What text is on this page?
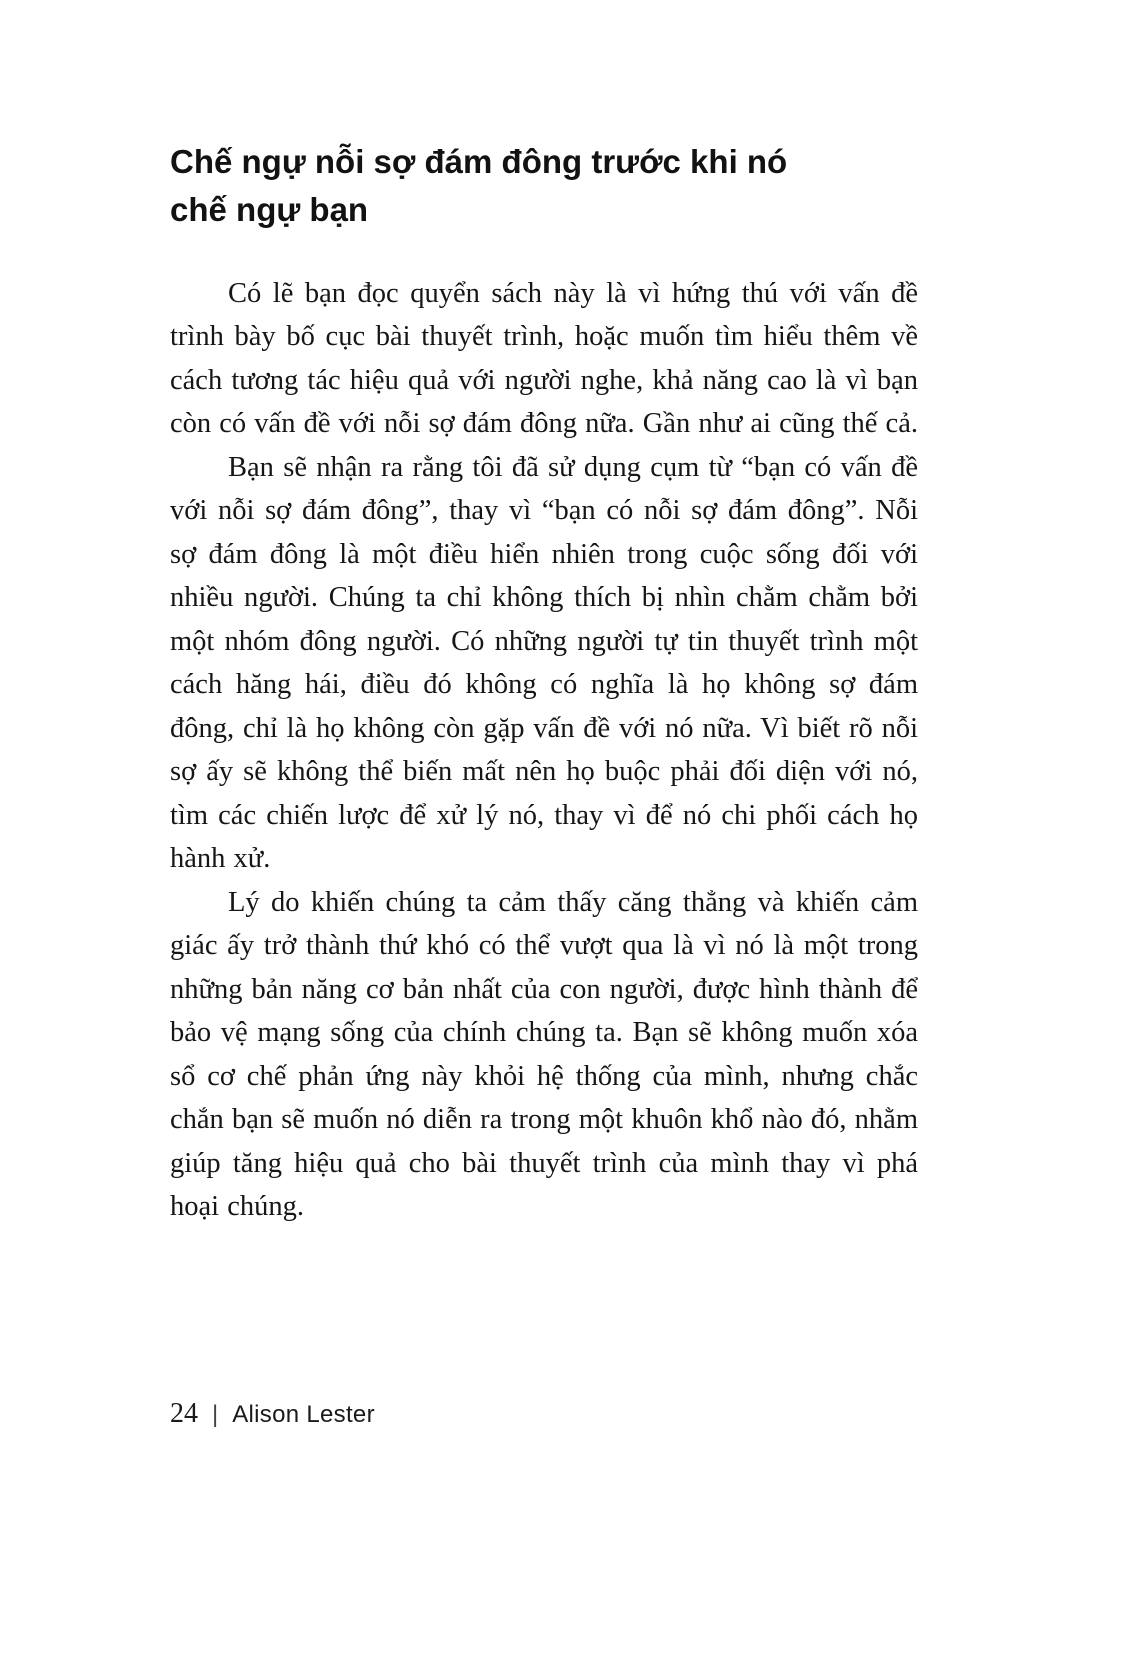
Chế ngự nỗi sợ đám đông trước khi nó chế ngự bạn

Có lẽ bạn đọc quyển sách này là vì hứng thú với vấn đề trình bày bố cục bài thuyết trình, hoặc muốn tìm hiểu thêm về cách tương tác hiệu quả với người nghe, khả năng cao là vì bạn còn có vấn đề với nỗi sợ đám đông nữa. Gần như ai cũng thế cả.

Bạn sẽ nhận ra rằng tôi đã sử dụng cụm từ “bạn có vấn đề với nỗi sợ đám đông”, thay vì “bạn có nỗi sợ đám đông”. Nỗi sợ đám đông là một điều hiển nhiên trong cuộc sống đối với nhiều người. Chúng ta chỉ không thích bị nhìn chằm chằm bởi một nhóm đông người. Có những người tự tin thuyết trình một cách hăng hái, điều đó không có nghĩa là họ không sợ đám đông, chỉ là họ không còn gặp vấn đề với nó nữa. Vì biết rõ nỗi sợ ấy sẽ không thể biến mất nên họ buộc phải đối diện với nó, tìm các chiến lược để xử lý nó, thay vì để nó chi phối cách họ hành xử.

Lý do khiến chúng ta cảm thấy căng thẳng và khiến cảm giác ấy trở thành thứ khó có thể vượt qua là vì nó là một trong những bản năng cơ bản nhất của con người, được hình thành để bảo vệ mạng sống của chính chúng ta. Bạn sẽ không muốn xóa sổ cơ chế phản ứng này khỏi hệ thống của mình, nhưng chắc chắn bạn sẽ muốn nó diễn ra trong một khuôn khổ nào đó, nhằm giúp tăng hiệu quả cho bài thuyết trình của mình thay vì phá hoại chúng.

24 | Alison Lester
